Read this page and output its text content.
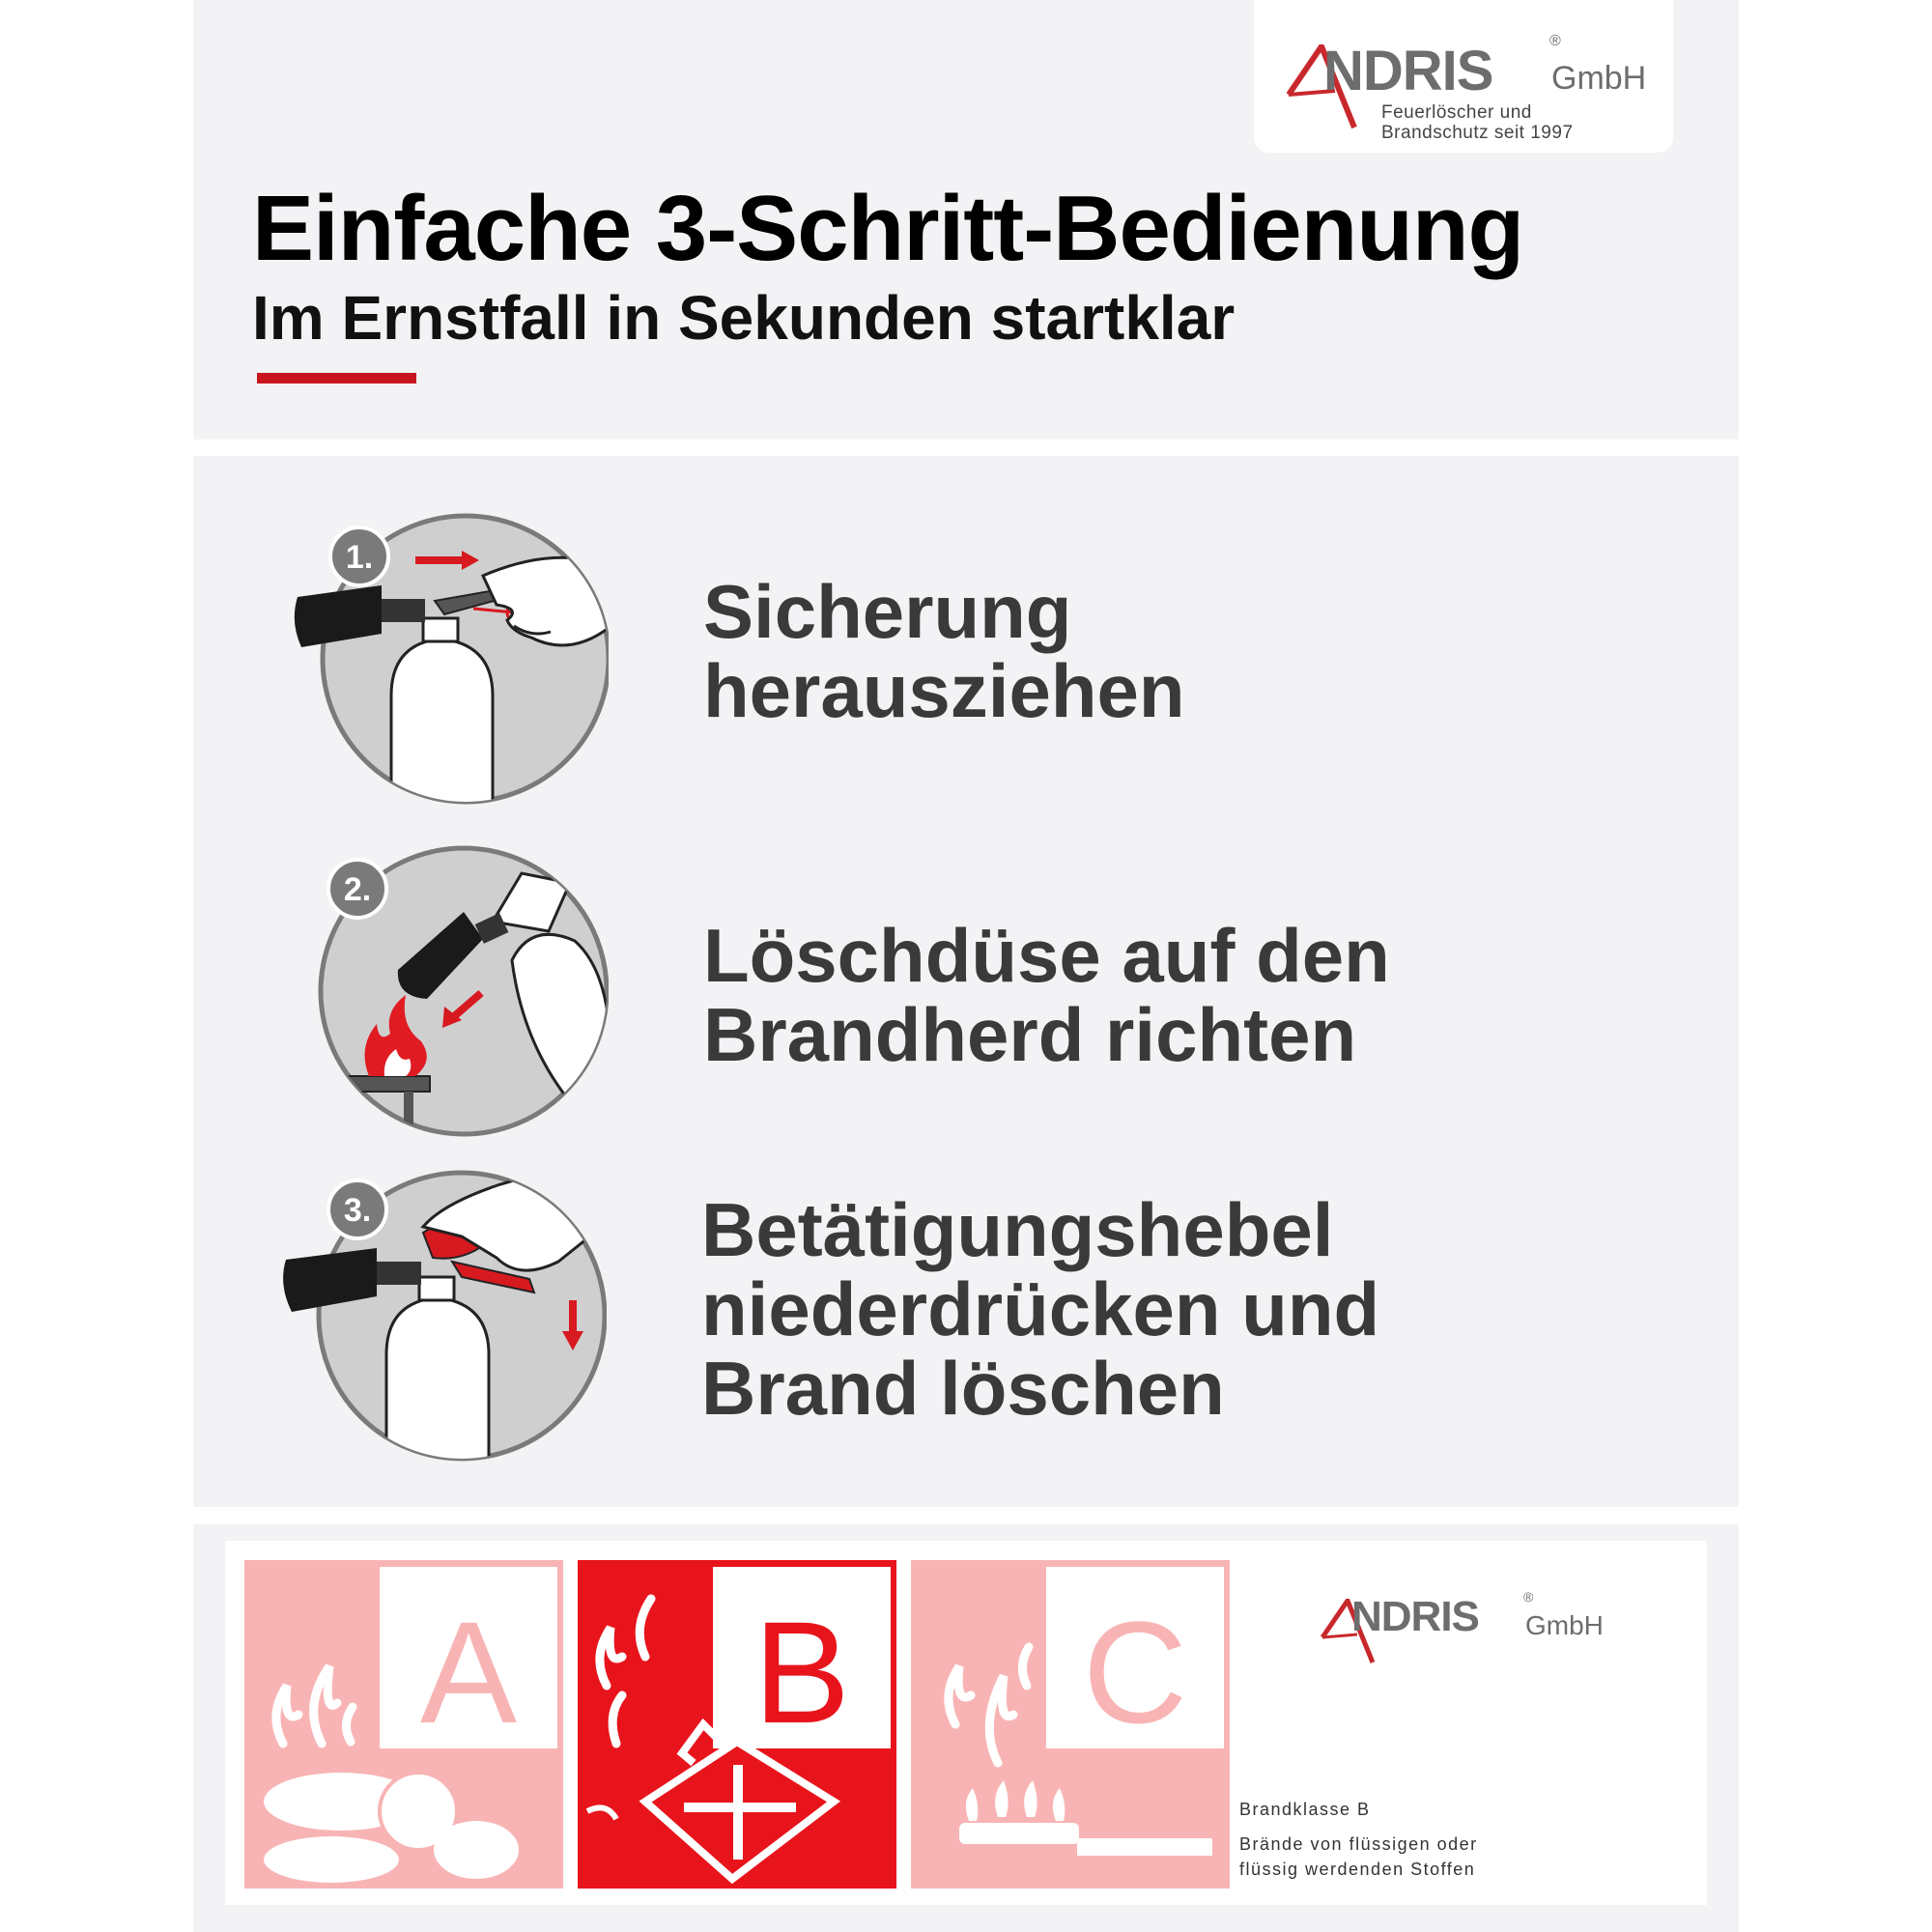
NDRIS GmbH
®
Feuerlöscher und
Brandschutz seit 1997
Einfache 3-Schritt-Bedienung
Im Ernstfall in Sekunden startklar
1.
Sicherung
herausziehen
2.
Löschdüse auf den
Brandherd richten
3.	Betätigungshebel
niederdrücken und
Brand löschen
A B C	NDRIS GmbH
®
Brandklasse B
Brände von flüssigen oder
flüssig werdenden Stoffen
